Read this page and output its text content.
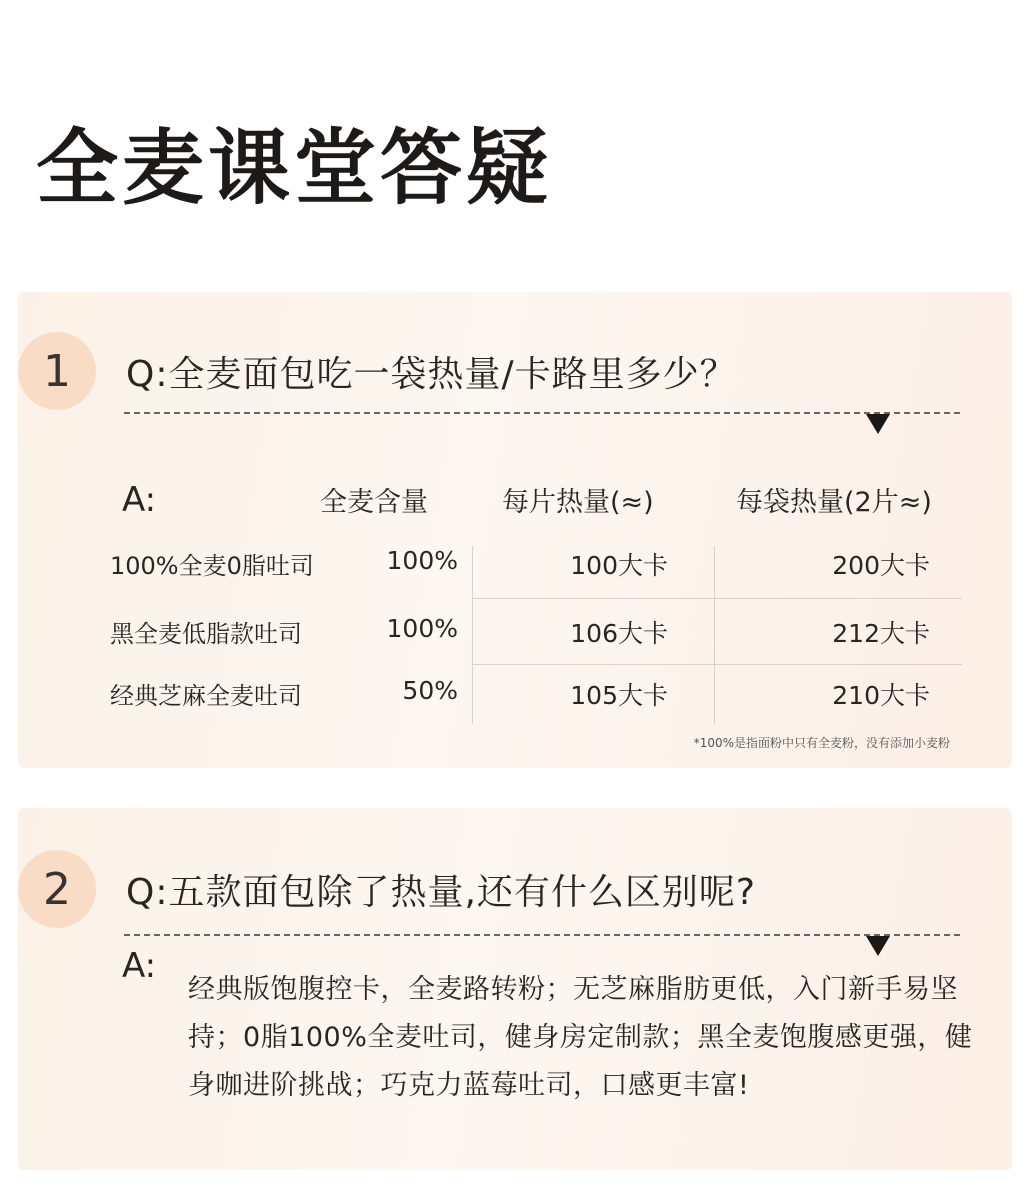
全麦课堂答疑
1	Q:全麦面包吃一袋热量/卡路里多少？
A:	全麦含量	每片热量(≈)	每袋热量(2片≈)
100%全麦0脂吐司	100%	100大卡	200大卡
黑全麦低脂款吐司	100%	106大卡	212大卡
经典芝麻全麦吐司	50%	105大卡	210大卡
*100%是指面粉中只有全麦粉，没有添加小麦粉
2	Q:五款面包除了热量,还有什么区别呢?
A:
经典版饱腹控卡，全麦路转粉；无芝麻脂肪更低，入门新手易坚持；0脂100%全麦吐司，健身房定制款；黑全麦饱腹感更强，健身咖进阶挑战；巧克力蓝莓吐司，口感更丰富!
